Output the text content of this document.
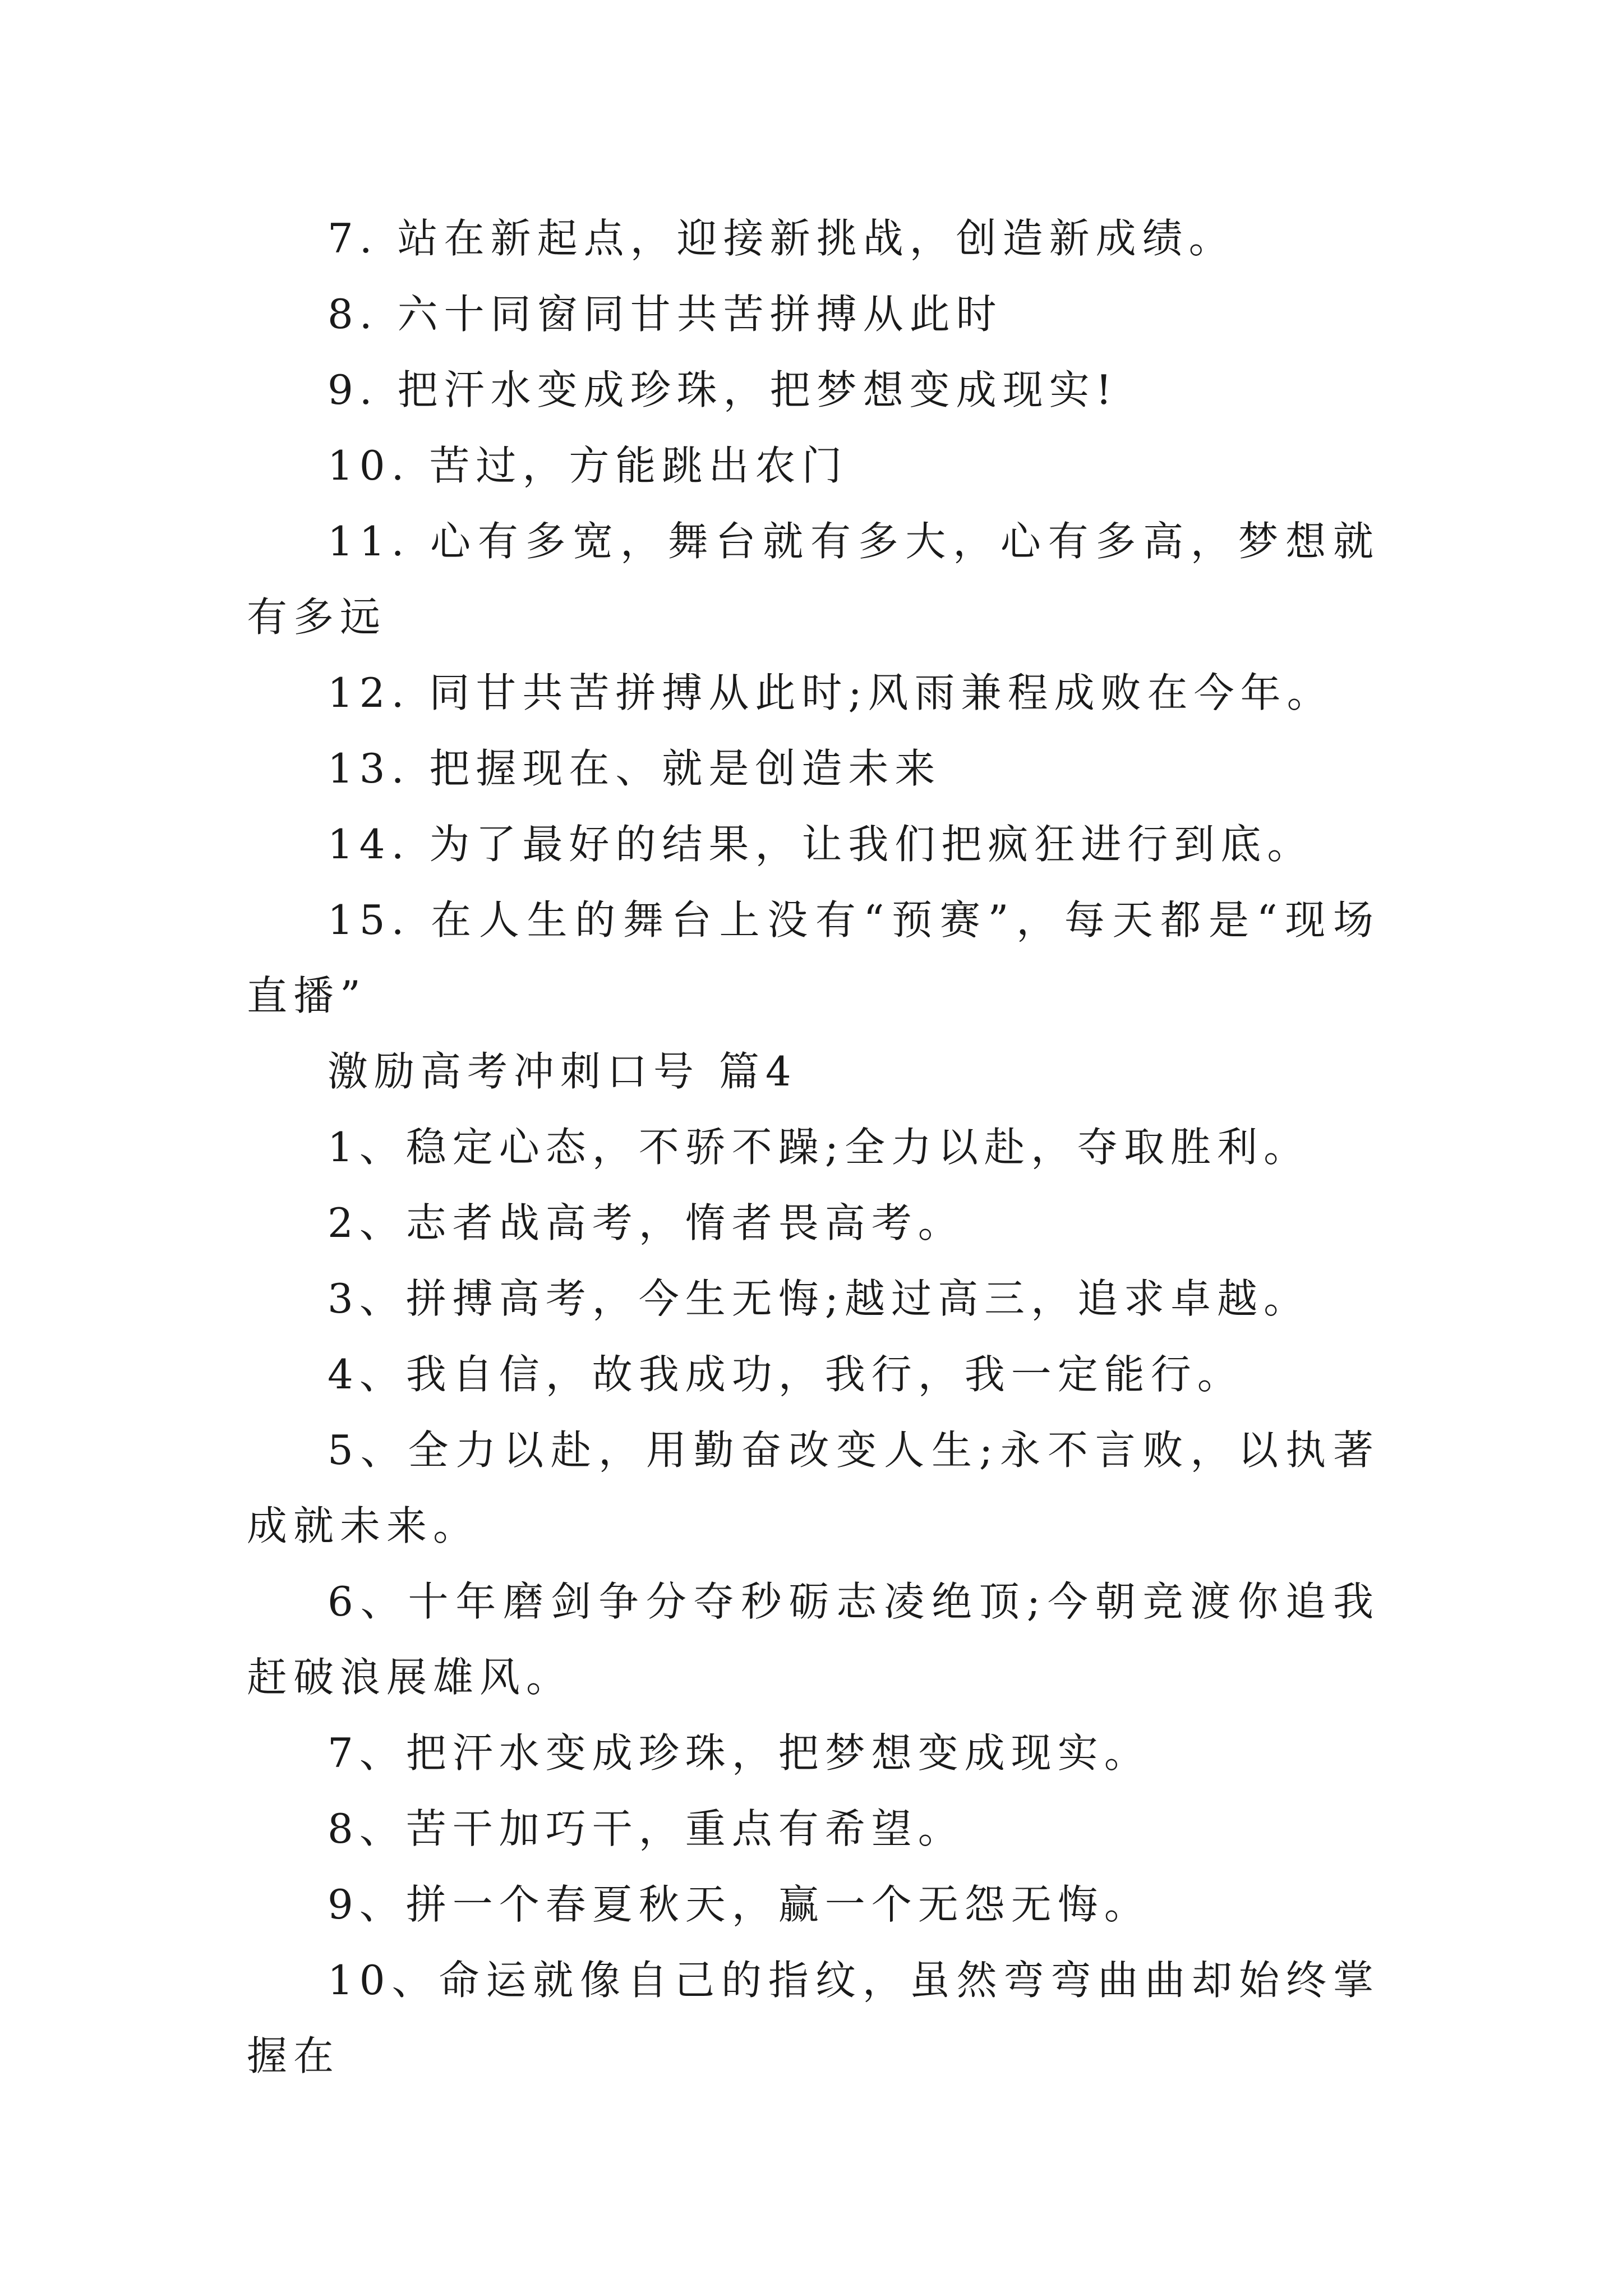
7. 站在新起点，迎接新挑战，创造新成绩。

8. 六十同窗同甘共苦拼搏从此时

9. 把汗水变成珍珠，把梦想变成现实!

10. 苦过，方能跳出农门

11. 心有多宽，舞台就有多大，心有多高，梦想就有多远

12. 同甘共苦拼搏从此时;风雨兼程成败在今年。

13. 把握现在、就是创造未来

14. 为了最好的结果，让我们把疯狂进行到底。

15. 在人生的舞台上没有“预赛”，每天都是“现场直播”

激励高考冲刺口号 篇4

1、稳定心态，不骄不躁;全力以赴，夺取胜利。

2、志者战高考，惰者畏高考。

3、拼搏高考，今生无悔;越过高三，追求卓越。

4、我自信，故我成功，我行，我一定能行。

5、全力以赴，用勤奋改变人生;永不言败，以执著成就未来。

6、十年磨剑争分夺秒砺志凌绝顶;今朝竞渡你追我赶破浪展雄风。

7、把汗水变成珍珠，把梦想变成现实。

8、苦干加巧干，重点有希望。

9、拼一个春夏秋天，赢一个无怨无悔。

10、命运就像自己的指纹，虽然弯弯曲曲却始终掌握在
